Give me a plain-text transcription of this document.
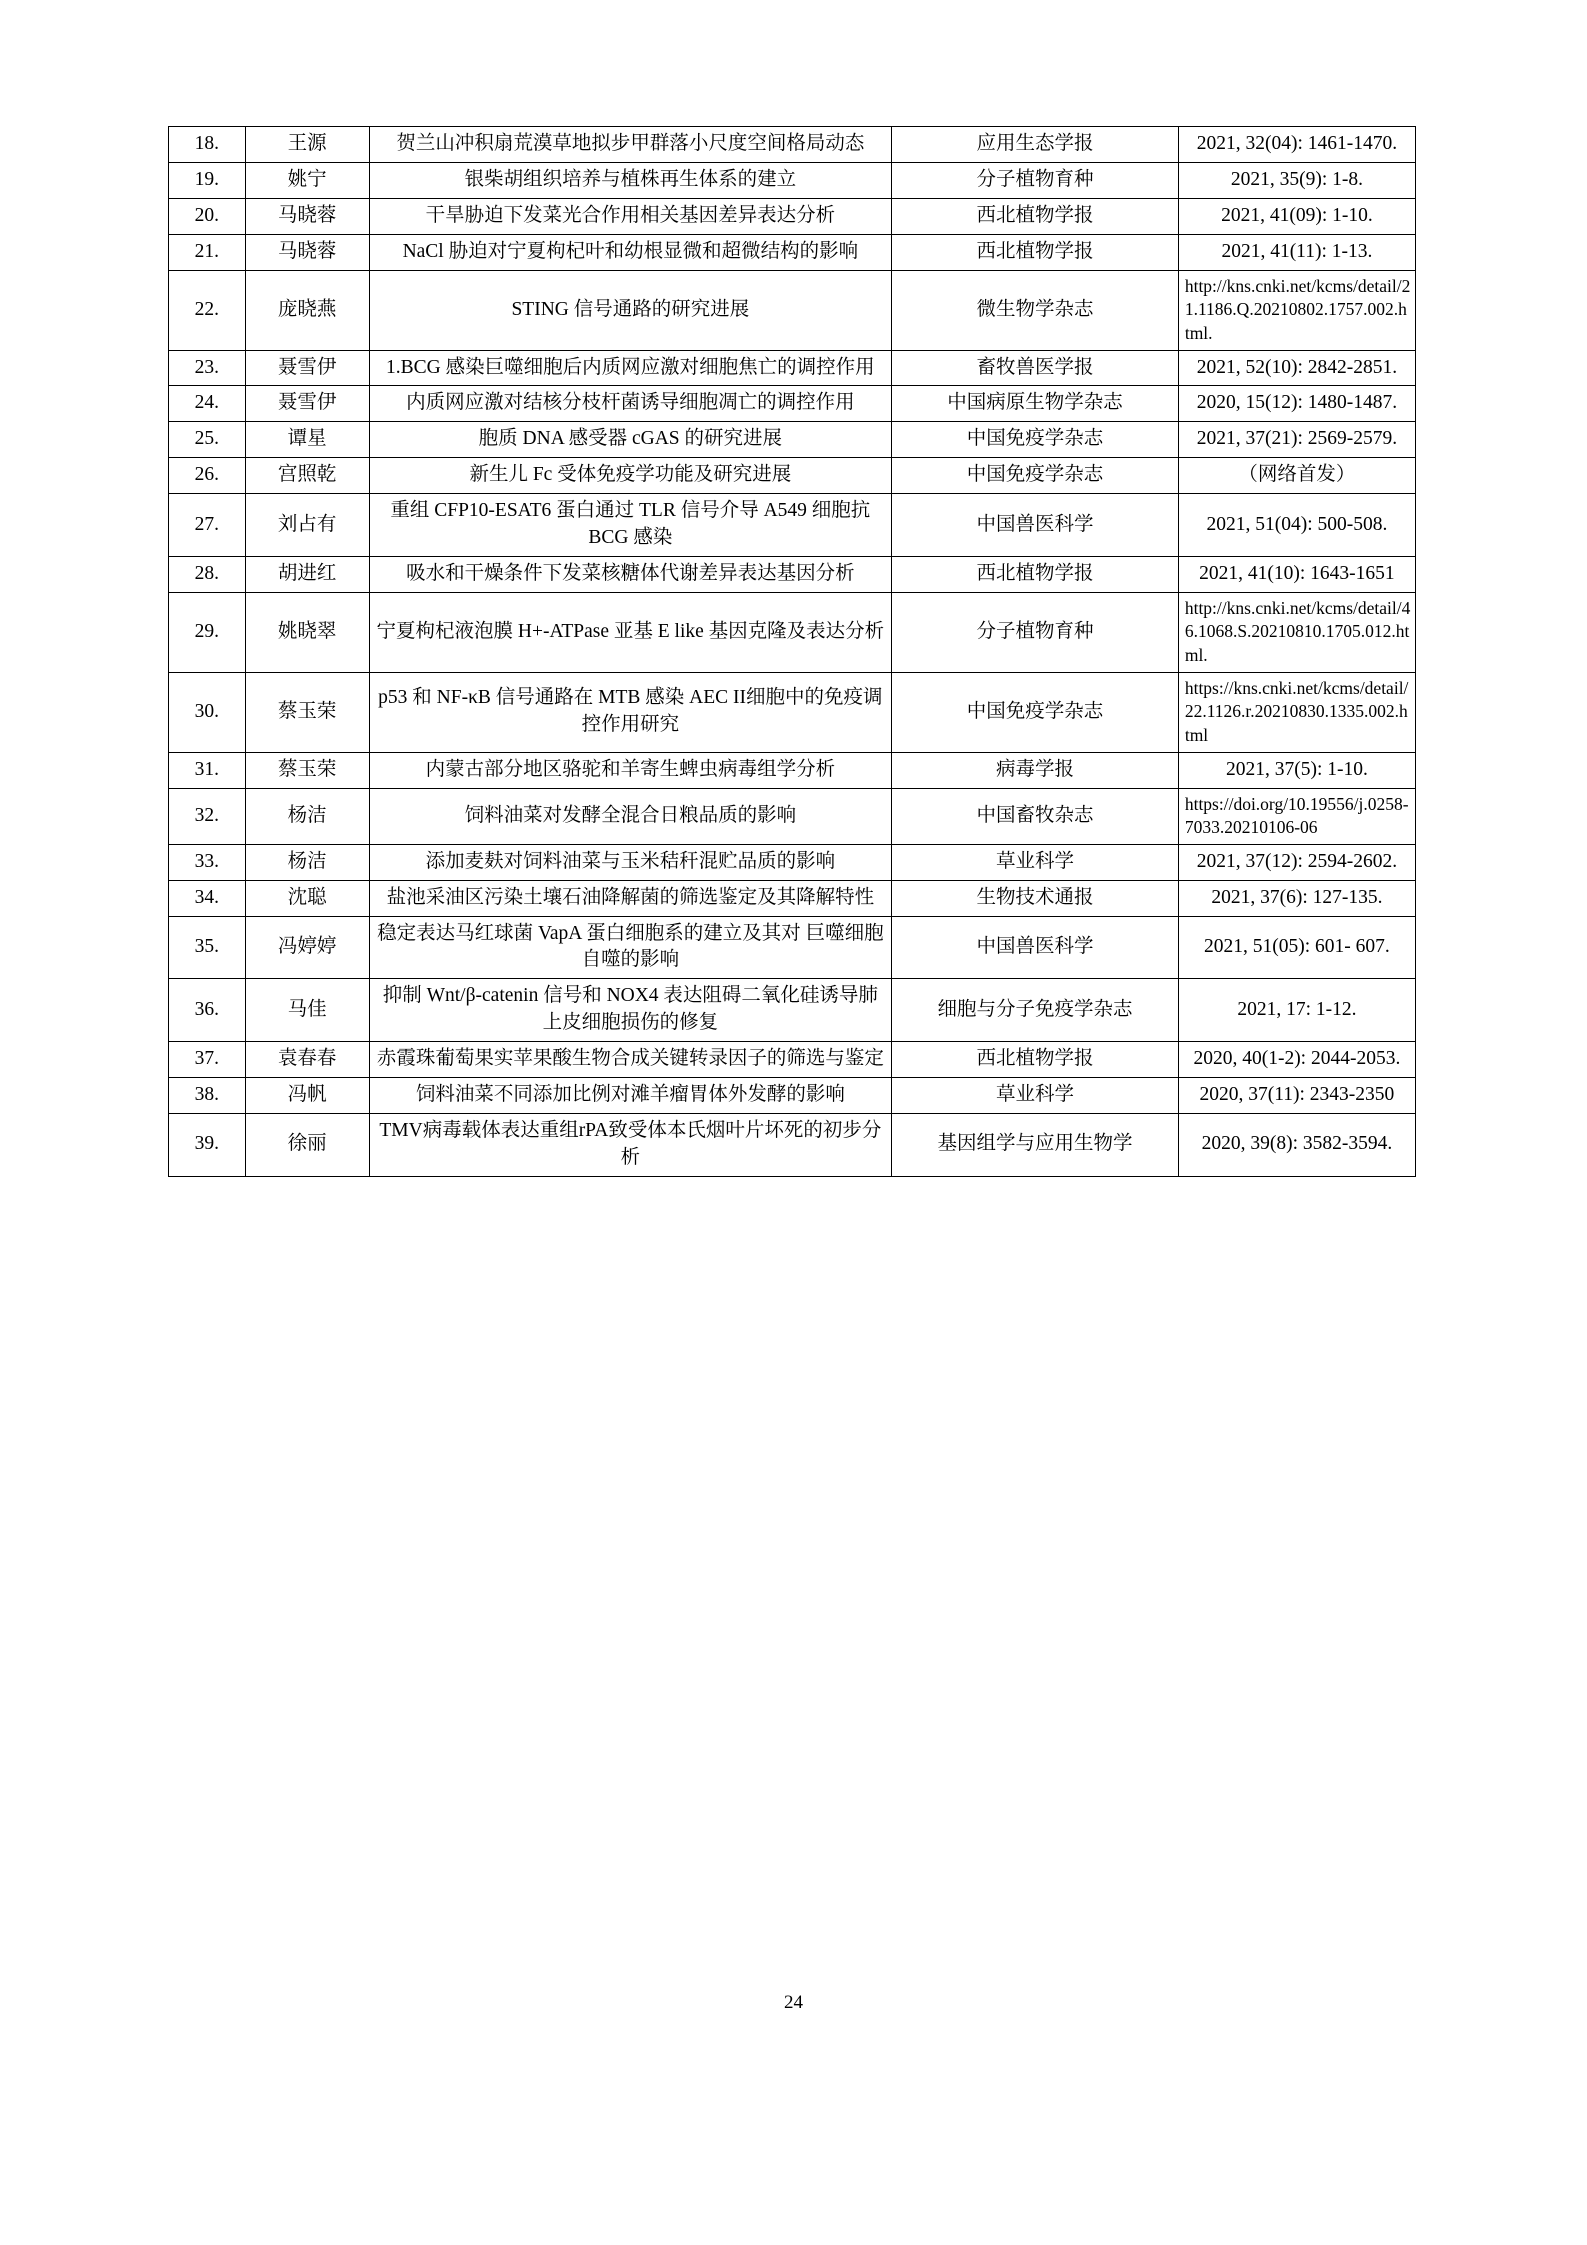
18.	王源	贺兰山冲积扇荒漠草地拟步甲群落小尺度空间格局动态	应用生态学报	2021, 32(04): 1461-1470.
19.	姚宁	银柴胡组织培养与植株再生体系的建立	分子植物育种	2021, 35(9): 1-8.
20.	马晓蓉	干旱胁迫下发菜光合作用相关基因差异表达分析	西北植物学报	2021, 41(09): 1-10.
21.	马晓蓉	NaCl 胁迫对宁夏枸杞叶和幼根显微和超微结构的影响	西北植物学报	2021, 41(11): 1-13.
22.	庞晓燕	STING 信号通路的研究进展	微生物学杂志	http://kns.cnki.net/kcms/detail/21.1186.Q.20210802.1757.002.html.
23.	聂雪伊	1.BCG 感染巨噬细胞后内质网应激对细胞焦亡的调控作用	畜牧兽医学报	2021, 52(10): 2842-2851.
24.	聂雪伊	内质网应激对结核分枝杆菌诱导细胞凋亡的调控作用	中国病原生物学杂志	2020, 15(12): 1480-1487.
25.	谭星	胞质 DNA 感受器 cGAS 的研究进展	中国免疫学杂志	2021, 37(21): 2569-2579.
26.	宫照乾	新生儿 Fc 受体免疫学功能及研究进展	中国免疫学杂志	（网络首发）
27.	刘占有	重组 CFP10-ESAT6 蛋白通过 TLR 信号介导 A549 细胞抗 BCG 感染	中国兽医科学	2021, 51(04): 500-508.
28.	胡进红	吸水和干燥条件下发菜核糖体代谢差异表达基因分析	西北植物学报	2021, 41(10): 1643-1651
29.	姚晓翠	宁夏枸杞液泡膜 H+-ATPase 亚基 E like 基因克隆及表达分析	分子植物育种	http://kns.cnki.net/kcms/detail/46.1068.S.20210810.1705.012.html.
30.	蔡玉荣	p53 和 NF-κB 信号通路在 MTB 感染 AEC II细胞中的免疫调控作用研究	中国免疫学杂志	https://kns.cnki.net/kcms/detail/22.1126.r.20210830.1335.002.html
31.	蔡玉荣	内蒙古部分地区骆驼和羊寄生蜱虫病毒组学分析	病毒学报	2021, 37(5): 1-10.
32.	杨洁	饲料油菜对发酵全混合日粮品质的影响	中国畜牧杂志	https://doi.org/10.19556/j.0258-7033.20210106-06
33.	杨洁	添加麦麸对饲料油菜与玉米秸秆混贮品质的影响	草业科学	2021, 37(12): 2594-2602.
34.	沈聪	盐池采油区污染土壤石油降解菌的筛选鉴定及其降解特性	生物技术通报	2021, 37(6): 127-135.
35.	冯婷婷	稳定表达马红球菌 VapA 蛋白细胞系的建立及其对 巨噬细胞自噬的影响	中国兽医科学	2021, 51(05): 601- 607.
36.	马佳	抑制 Wnt/β-catenin 信号和 NOX4 表达阻碍二氧化硅诱导肺上皮细胞损伤的修复	细胞与分子免疫学杂志	2021, 17: 1-12.
37.	袁春春	赤霞珠葡萄果实苹果酸生物合成关键转录因子的筛选与鉴定	西北植物学报	2020, 40(1-2): 2044-2053.
38.	冯帆	饲料油菜不同添加比例对滩羊瘤胃体外发酵的影响	草业科学	2020, 37(11): 2343-2350
39.	徐丽	TMV病毒载体表达重组rPA致受体本氏烟叶片坏死的初步分析	基因组学与应用生物学	2020, 39(8): 3582-3594.
24
